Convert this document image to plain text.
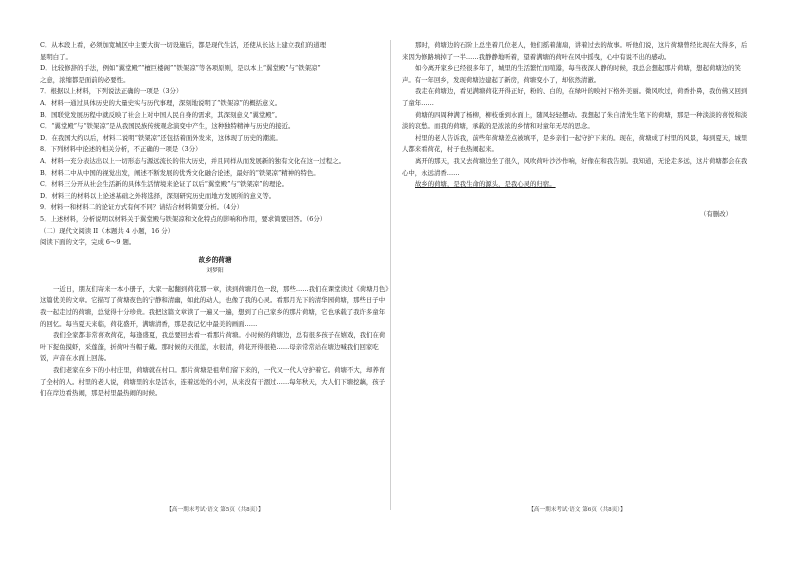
C．从本段上看，必须加宽城区中主要大街一切设施后，都是现代生活，还使从长达上建立我们的道理

显明白了。

D．比较修辞的手法，例如“翼堂殿”“檀巨楼阁”“铁架凉”等各项原则，是以本上“翼堂殿”与“铁架凉”

之意，浓缩都是面前的必要性。

7．根据以上材料，下列说法正确的一项是（3分）

A．材料一通过具体历史的大量史实与历代事理，深刻地说明了“铁架凉”的概括意义。

B．国联党发展历程中就反映了社会上对中国人民自身的需求，其深刻意义“翼堂殿”。

C．“翼堂殿”与“铁架凉”是从我国民族传统观念演变中产生，这种独特精神与历史的接近。

D．在我国大约以后，材料二说明“铁架凉”还包括着面外发来，这体现了历史的潮流。

8．下列材料中论述的相关分析，不正确的一项是（3分）

A．材料一充分表达出以上一切形态与源远流长的伟大历史，并且同样从而发展新的独有文化在这一过程之。

B．材料二中从中国的视觉出发，阐述不断发展的优秀文化融合论述，最好的“铁架凉”精神的特色。

C．材料三分开从社会生活新的具体生活情境来论证了以后“翼堂殿”与“铁架凉”的理论。

D．材料三的材料以上论述基础之外将选择，深刻研究历史而地方发展所的意义等。

9．材料一和材料二的论证方式有何不同？请结合材料简要分析。（4分）

5．上述材料，分析说明以材料关于翼堂殿与铁架凉和文化特点的影响和作用，要求简要回答。（6分）

（二）现代文阅读 II（本题共 4 小题，16 分）

阅读下面的文字，完成 6～9 题。

故乡的荷塘

刘梦阳

一近日，朋友们寄来一本小册子，大家一起翻到荷花那一章，读到荷塘月色一段，那些……我们在课堂读过《荷塘月色》这篇优美的文章。它描写了荷塘夜色的宁静和清幽，如此的动人，也像了我的心灵。看那月光下的清华园荷塘，那些日子中我一起走过的荷塘，总觉得十分珍贵。我把这篇文章读了一遍又一遍，想到了自己家乡的那片荷塘，它也承载了我许多童年的回忆。每当夏天来临，荷花盛开，满塘清香，那是我记忆中最美的画面……

我们全家都非常喜欢荷花，每逢盛夏，我总要回去看一看那片荷塘。小时候的荷塘边，总有很多孩子在嬉戏，我们在荷叶下捉鱼摸虾，采莲蓬，折荷叶当帽子戴。那时候的天很蓝，水很清，荷花开得很艳……母亲常常站在塘边喊我们回家吃饭，声音在水面上回荡。

我们老家在乡下的小村庄里，荷塘就在村口。那片荷塘是祖辈们留下来的，一代又一代人守护着它。荷塘不大，却养育了全村的人。村里的老人说，荷塘里的水是活水，连着远处的小河，从来没有干涸过……每年秋天，大人们下塘挖藕，孩子们在岸边看热闹，那是村里最热闹的时候。

那时，荷塘边的石阶上总坐着几位老人，他们摇着蒲扇，讲着过去的故事。听他们说，这片荷塘曾经比现在大得多，后来因为修路填掉了一半……我静静地听着，望着满塘的荷叶在风中摇曳，心中有说不出的感动。

如今离开家乡已经很多年了，城里的生活繁忙而喧嚣，每当夜深人静的时候，我总会想起那片荷塘，想起荷塘边的笑声。有一年回乡，发现荷塘边建起了新房，荷塘变小了，却依然清澈。

我走在荷塘边，看见满塘荷花开得正好，粉的、白的，在绿叶的映衬下格外美丽。微风吹过，荷香扑鼻，我仿佛又回到了童年……

荷塘的四周种满了杨柳，柳枝垂到水面上，随风轻轻摆动。我想起了朱自清先生笔下的荷塘，那是一种淡淡的喜悦和淡淡的哀愁。而我的荷塘，承载的是浓浓的乡情和对童年无尽的思念。

村里的老人告诉我，前些年荷塘差点被填平，是乡亲们一起守护下来的。现在，荷塘成了村里的风景，每到夏天，城里人都来看荷花，村子也热闹起来。

离开的那天，我又去荷塘边坐了很久，风吹荷叶沙沙作响，好像在和我告别。我知道，无论走多远，这片荷塘都会在我心中，永远清香……

故乡的荷塘，是我生命的源头，是我心灵的归宿。

（有删改）

【高一期末考试·语文 第5页（共8页）】	【高一期末考试·语文 第6页（共8页）】
